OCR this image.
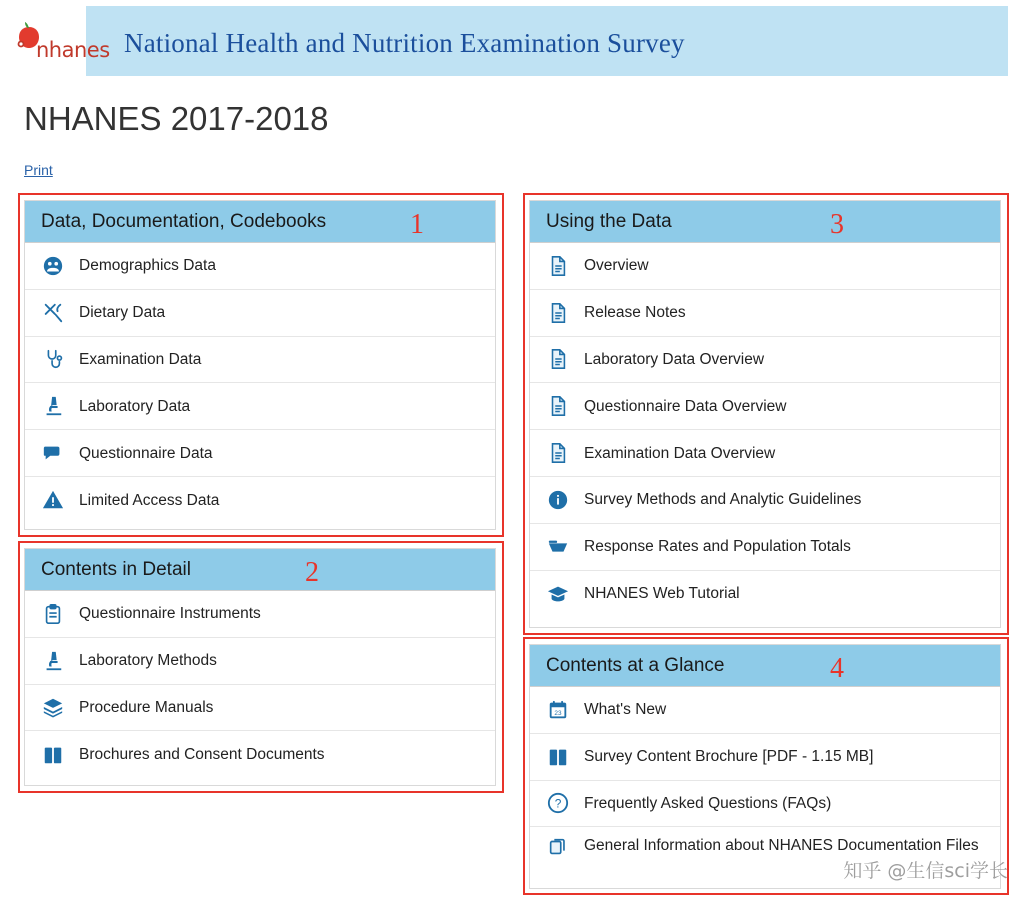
nhanes National Health and Nutrition Examination Survey
NHANES 2017-2018
Print
Data, Documentation, Codebooks
Demographics Data
Dietary Data
Examination Data
Laboratory Data
Questionnaire Data
Limited Access Data
Contents in Detail
Questionnaire Instruments
Laboratory Methods
Procedure Manuals
Brochures and Consent Documents
Using the Data
Overview
Release Notes
Laboratory Data Overview
Questionnaire Data Overview
Examination Data Overview
Survey Methods and Analytic Guidelines
Response Rates and Population Totals
NHANES Web Tutorial
Contents at a Glance
23 What's New
Survey Content Brochure [PDF - 1.15 MB]
? Frequently Asked Questions (FAQs)
General Information about NHANES Documentation Files
1
2
3
4
知乎 @生信sci学长
